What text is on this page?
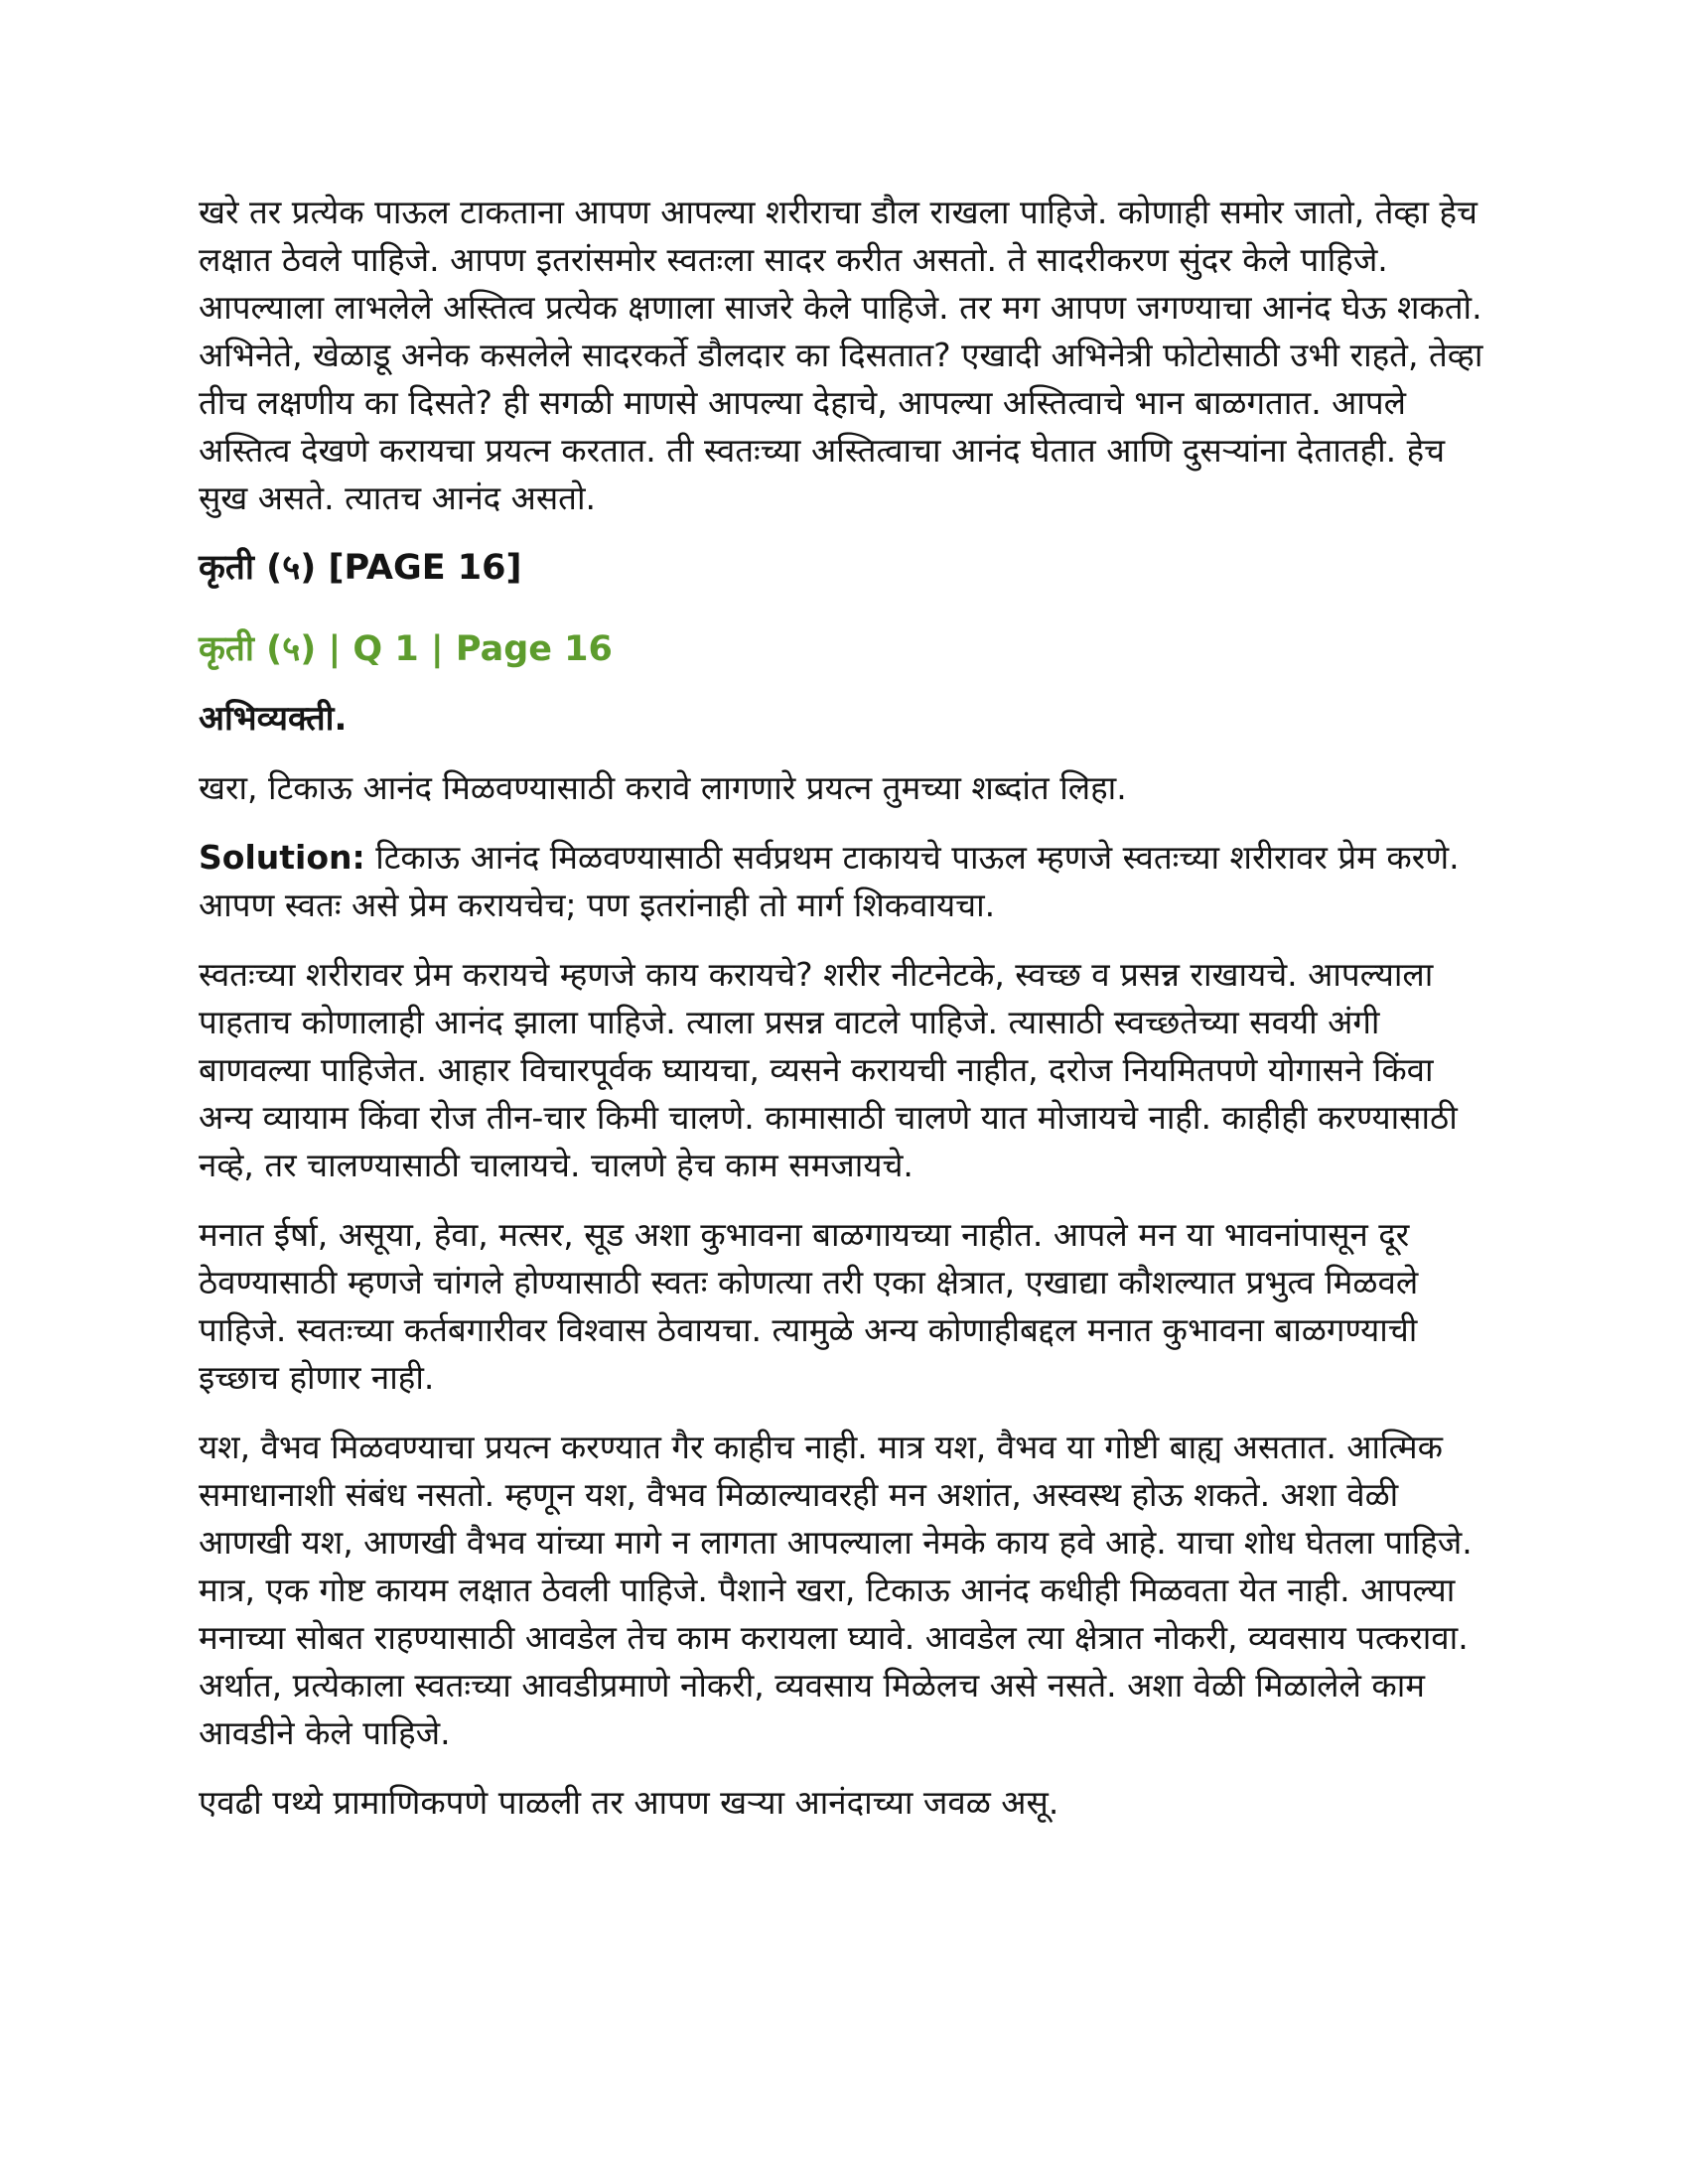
खरे तर प्रत्येक पाऊल टाकताना आपण आपल्या शरीराचा डौल राखला पाहिजे. कोणाही समोर जातो, तेव्हा हेच लक्षात ठेवले पाहिजे. आपण इतरांसमोर स्वतःला सादर करीत असतो. ते सादरीकरण सुंदर केले पाहिजे. आपल्याला लाभलेले अस्तित्व प्रत्येक क्षणाला साजरे केले पाहिजे. तर मग आपण जगण्याचा आनंद घेऊ शकतो. अभिनेते, खेळाडू अनेक कसलेले सादरकर्ते डौलदार का दिसतात? एखादी अभिनेत्री फोटोसाठी उभी राहते, तेव्हा तीच लक्षणीय का दिसते? ही सगळी माणसे आपल्या देहाचे, आपल्या अस्तित्वाचे भान बाळगतात. आपले अस्तित्व देखणे करायचा प्रयत्न करतात. ती स्वतःच्या अस्तित्वाचा आनंद घेतात आणि दुसऱ्यांना देतातही. हेच सुख असते. त्यातच आनंद असतो.

कृती (५) [PAGE 16]
कृती (५) | Q 1 | Page 16
अभिव्यक्ती.

खरा, टिकाऊ आनंद मिळवण्यासाठी करावे लागणारे प्रयत्न तुमच्या शब्दांत लिहा.

Solution: टिकाऊ आनंद मिळवण्यासाठी सर्वप्रथम टाकायचे पाऊल म्हणजे स्वतःच्या शरीरावर प्रेम करणे. आपण स्वतः असे प्रेम करायचेच; पण इतरांनाही तो मार्ग शिकवायचा.

स्वतःच्या शरीरावर प्रेम करायचे म्हणजे काय करायचे? शरीर नीटनेटके, स्वच्छ व प्रसन्न राखायचे. आपल्याला पाहताच कोणालाही आनंद झाला पाहिजे. त्याला प्रसन्न वाटले पाहिजे. त्यासाठी स्वच्छतेच्या सवयी अंगी बाणवल्या पाहिजेत. आहार विचारपूर्वक घ्यायचा, व्यसने करायची नाहीत, दरोज नियमितपणे योगासने किंवा अन्य व्यायाम किंवा रोज तीन-चार किमी चालणे. कामासाठी चालणे यात मोजायचे नाही. काहीही करण्यासाठी नव्हे, तर चालण्यासाठी चालायचे. चालणे हेच काम समजायचे.

मनात ईर्षा, असूया, हेवा, मत्सर, सूड अशा कुभावना बाळगायच्या नाहीत. आपले मन या भावनांपासून दूर ठेवण्यासाठी म्हणजे चांगले होण्यासाठी स्वतः कोणत्या तरी एका क्षेत्रात, एखाद्या कौशल्यात प्रभुत्व मिळवले पाहिजे. स्वतःच्या कर्तबगारीवर विश्वास ठेवायचा. त्यामुळे अन्य कोणाहीबद्दल मनात कुभावना बाळगण्याची इच्छाच होणार नाही.

यश, वैभव मिळवण्याचा प्रयत्न करण्यात गैर काहीच नाही. मात्र यश, वैभव या गोष्टी बाह्य असतात. आत्मिक समाधानाशी संबंध नसतो. म्हणून यश, वैभव मिळाल्यावरही मन अशांत, अस्वस्थ होऊ शकते. अशा वेळी आणखी यश, आणखी वैभव यांच्या मागे न लागता आपल्याला नेमके काय हवे आहे. याचा शोध घेतला पाहिजे.

मात्र, एक गोष्ट कायम लक्षात ठेवली पाहिजे. पैशाने खरा, टिकाऊ आनंद कधीही मिळवता येत नाही. आपल्या मनाच्या सोबत राहण्यासाठी आवडेल तेच काम करायला घ्यावे. आवडेल त्या क्षेत्रात नोकरी, व्यवसाय पत्करावा. अर्थात, प्रत्येकाला स्वतःच्या आवडीप्रमाणे नोकरी, व्यवसाय मिळेलच असे नसते. अशा वेळी मिळालेले काम आवडीने केले पाहिजे.

एवढी पथ्ये प्रामाणिकपणे पाळली तर आपण खऱ्या आनंदाच्या जवळ असू.
